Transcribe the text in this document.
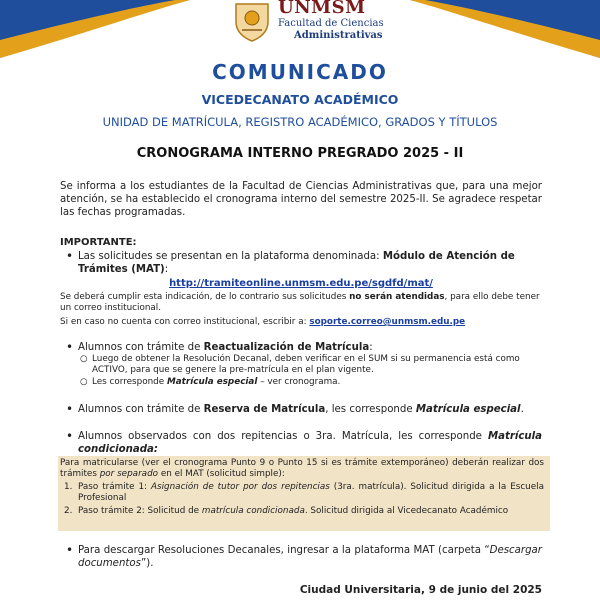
UNMSM
Facultad de Ciencias
Administrativas
COMUNICADO
VICEDECANATO ACADÉMICO
UNIDAD DE MATRÍCULA, REGISTRO ACADÉMICO, GRADOS Y TÍTULOS
CRONOGRAMA INTERNO PREGRADO 2025 - II
Se informa a los estudiantes de la Facultad de Ciencias Administrativas que, para una mejor atención, se ha establecido el cronograma interno del semestre 2025-II. Se agradece respetar las fechas programadas.
IMPORTANTE:
• Las solicitudes se presentan en la plataforma denominada: Módulo de Atención de Trámites (MAT):
http://tramiteonline.unmsm.edu.pe/sgdfd/mat/
Se deberá cumplir esta indicación, de lo contrario sus solicitudes no serán atendidas, para ello debe tener un correo institucional.
Si en caso no cuenta con correo institucional, escribir a: soporte.correo@unmsm.edu.pe
• Alumnos con trámite de Reactualización de Matrícula:
○ Luego de obtener la Resolución Decanal, deben verificar en el SUM si su permanencia está como ACTIVO, para que se genere la pre-matrícula en el plan vigente.
○ Les corresponde Matrícula especial – ver cronograma.
• Alumnos con trámite de Reserva de Matrícula, les corresponde Matrícula especial.
• Alumnos observados con dos repitencias o 3ra. Matrícula, les corresponde Matrícula condicionada:
Para matricularse (ver el cronograma Punto 9 o Punto 15 si es trámite extemporáneo) deberán realizar dos trámites por separado en el MAT (solicitud simple):
1. Paso trámite 1: Asignación de tutor por dos repitencias (3ra. matrícula). Solicitud dirigida a la Escuela Profesional
2. Paso trámite 2: Solicitud de matrícula condicionada. Solicitud dirigida al Vicedecanato Académico
• Para descargar Resoluciones Decanales, ingresar a la plataforma MAT (carpeta “Descargar documentos”).
Ciudad Universitaria, 9 de junio del 2025
